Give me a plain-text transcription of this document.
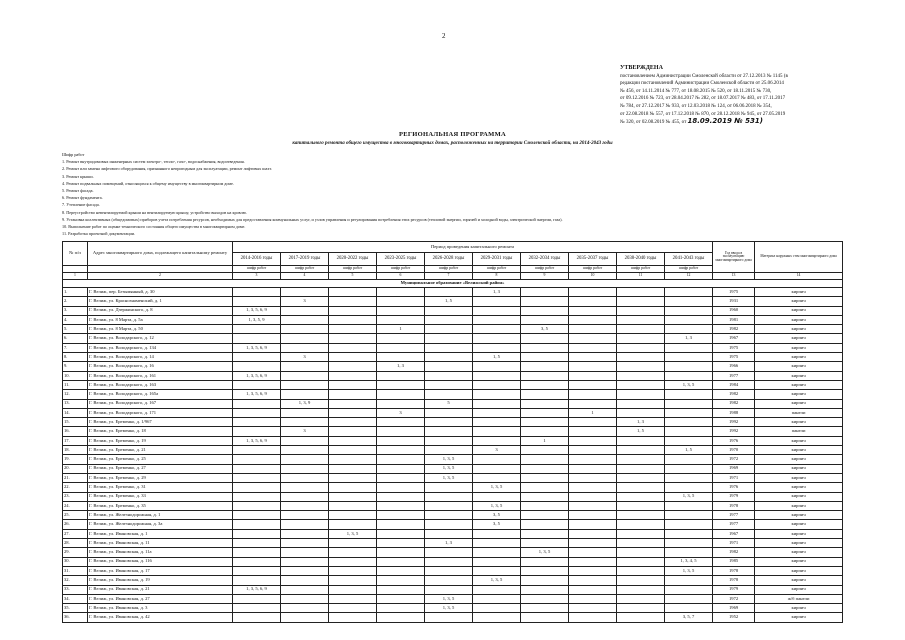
2
УТВЕРЖДЕНА
постановлением Администрации Смоленской области от 27.12.2013 № 1145 (в
редакции постановлений Администрации Смоленской области от 25.06.2014
№ 456, от 14.11.2014 № 777, от 18.08.2015 № 520, от 18.11.2015 № 730,
от 09.12.2016 № 723, от 28.04.2017 № 282, от 18.07.2017 № 483, от 17.11.2017
№ 784, от 27.12.2017 № 933, от 12.03.2018 № 124, от 06.06.2018 № 354,
от 22.08.2018 № 557, от 17.12.2018 № 870, от 28.12.2018 № 945, от 27.05.2019
№ 320, от 02.08.2019 № 455, от 18.09.2019 № 531)
РЕГИОНАЛЬНАЯ ПРОГРАММА
капитального ремонта общего имущества в многоквартирных домах, расположенных на территории Смоленской области, на 2014-2043 годы
Шифр работ
1. Ремонт внутридомовых инженерных систем электро-, тепло-, газо-, водоснабжения, водоотведения.
2. Ремонт или замена лифтового оборудования, признанного непригодным для эксплуатации, ремонт лифтовых шахт.
3. Ремонт крыши.
4. Ремонт подвальных помещений, относящихся к общему имуществу в многоквартирном доме.
5. Ремонт фасада.
6. Ремонт фундамента.
7. Утепление фасада.
8. Переустройство невентилируемой крыши на вентилируемую крышу, устройство выходов на кровлю.
9. Установка коллективных (общедомовых) приборов учета потребления ресурсов, необходимых для предоставления коммунальных услуг, и узлов управления и регулирования потребления этих ресурсов (тепловой энергии, горячей и холодной воды, электрической энергии, газа).
10. Выполнение работ по оценке технического состояния общего имущества в многоквартирном доме.
11. Разработка проектной документации.
№ п/п	Адрес многоквартирного дома, подлежащего капитальному ремонту	Период проведения капитального ремонта										Год ввода в эксплуатацию многоквартирного дома	Материал наружных стен многоквартирного дома
		2014-2016 годы	2017-2019 годы	2020-2022 годы	2023-2025 годы	2026-2028 годы	2029-2031 годы	2032-2034 годы	2035-2037 годы	2038-2040 годы	2041-2043 годы		
		шифр работ	шифр работ	шифр работ	шифр работ	шифр работ	шифр работ	шифр работ	шифр работ	шифр работ	шифр работ		
1	2	3	4	5	6	7	8	9	10	11	12	13	14
Муниципальное образование «Велижский район»													
1.	Г. Велиж, пер. Безымянный, д. 30						1, 3					1975	кирпич
2.	Г. Велиж, ул. Краснознаменский, д. 1		3			1, 5						1931	кирпич
3.	Г. Велиж, ул. Дзержинского, д. 8	1, 3, 5, 6, 9										1960	кирпич
4.	Г. Велиж, ул. 8 Марта, д. 5а	1, 3, 5, 9										1981	кирпич
5.	Г. Велиж, ул. 8 Марта, д. 50				1			3, 5				1982	кирпич
6.	Г. Велиж, ул. Володарского, д. 12										1, 3	1967	кирпич
7.	Г. Велиж, ул. Володарского, д. 134	1, 3, 5, 6, 9										1975	кирпич
8.	Г. Велиж, ул. Володарского, д. 14		3				1, 5					1975	кирпич
9.	Г. Велиж, ул. Володарского, д. 16				1, 3							1966	кирпич
10.	Г. Велиж, ул. Володарского, д. 161	1, 3, 5, 6, 9										1977	кирпич
11.	Г. Велиж, ул. Володарского, д. 163										1, 3, 5	1984	кирпич
12.	Г. Велиж, ул. Володарского, д. 165а	1, 3, 5, 6, 9										1982	кирпич
13.	Г. Велиж, ул. Володарского, д. 167		1, 3, 9			5						1982	кирпич
14.	Г. Велиж, ул. Володарского, д. 171				3				1			1988	панели
15.	Г. Велиж, ул. Еременко, д. 1/967									1, 3		1992	кирпич
16.	Г. Велиж, ул. Еременко, д. 18		3							1, 5		1992	панели
17.	Г. Велиж, ул. Еременко, д. 19	1, 3, 5, 6, 9						1				1976	кирпич
18.	Г. Велиж, ул. Еременко, д. 21						3				1, 5	1970	кирпич
19.	Г. Велиж, ул. Еременко, д. 25					1, 3, 5						1972	кирпич
20.	Г. Велиж, ул. Еременко, д. 27					1, 3, 5						1969	кирпич
21.	Г. Велиж, ул. Еременко, д. 29					1, 3, 5						1971	кирпич
22.	Г. Велиж, ул. Еременко, д. 31						1, 3, 5					1976	кирпич
23.	Г. Велиж, ул. Еременко, д. 33										1, 3, 5	1979	кирпич
24.	Г. Велиж, ул. Еременко, д. 35						1, 3, 5					1978	кирпич
25.	Г. Велиж, ул. Железнодорожная, д. 1						3, 5					1977	кирпич
26.	Г. Велиж, ул. Железнодорожная, д. 3а						3, 5					1977	кирпич
27.	Г. Велиж, ул. Ивановская, д. 1			1, 3, 5								1967	кирпич
28.	Г. Велиж, ул. Ивановская, д. 11					1, 3						1971	кирпич
29.	Г. Велиж, ул. Ивановская, д. 11а							1, 3, 5				1982	кирпич
30.	Г. Велиж, ул. Ивановская, д. 116										1, 3, 4, 5	1985	кирпич
31.	Г. Велиж, ул. Ивановская, д. 17										1, 3, 5	1978	кирпич
32.	Г. Велиж, ул. Ивановская, д. 19						1, 3, 5					1978	кирпич
33.	Г. Велиж, ул. Ивановская, д. 21	1, 3, 5, 6, 9										1979	кирпич
34.	Г. Велиж, ул. Ивановская, д. 27					1, 3, 5						1972	ж/б панели
35.	Г. Велиж, ул. Ивановская, д. 3					1, 3, 5						1969	кирпич
36.	Г. Велиж, ул. Ивановская, д. 42										3, 5, 7	1952	кирпич
